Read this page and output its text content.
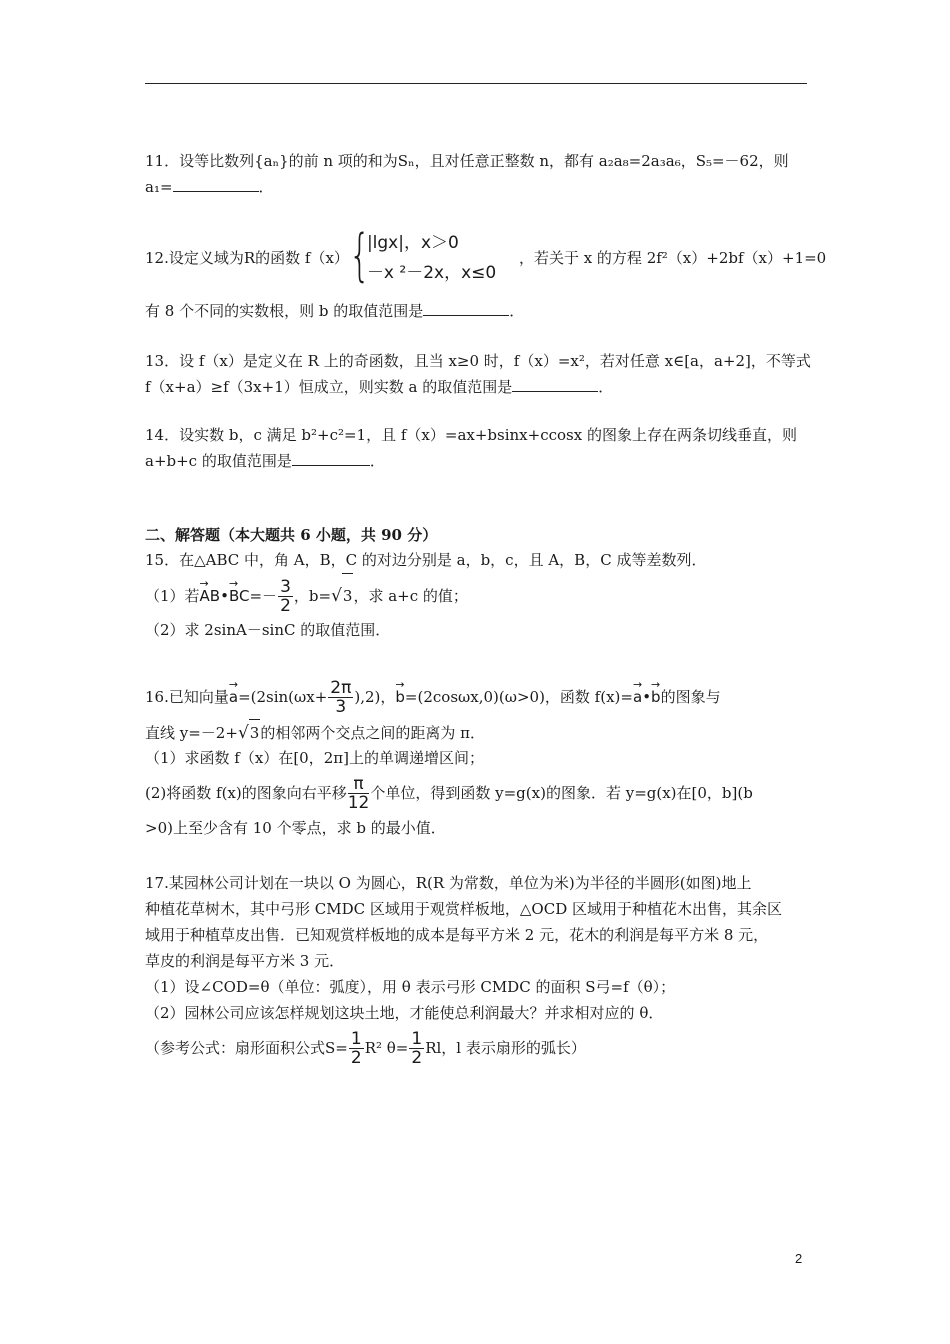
11．设等比数列{aₙ}的前 n 项的和为Sₙ，且对任意正整数 n，都有 a₂a₈=2a₃a₆，S₅=－62，则
a₁=	．
12.设定义域为R的函数 f（x） {
|lgx|，x＞0
－x ²－2x，x≤0
，若关于 x 的方程 2f²（x）+2bf（x）+1=0
有 8 个不同的实数根，则 b 的取值范围是	．
13．设 f（x）是定义在 R 上的奇函数，且当 x≥0 时，f（x）=x²，若对任意 x∈[a，a+2]，不等式
f（x+a）≥f（3x+1）恒成立，则实数 a 的取值范围是	．
14．设实数 b，c 满足 b²+c²=1，且 f（x）=ax+bsinx+ccosx 的图象上存在两条切线垂直，则
a+b+c 的取值范围是	．
二、解答题（本大题共 6 小题，共 90 分）
15．在△ABC 中，角 A，B，C 的对边分别是 a，b，c，且 A，B，C 成等差数列．
（1）若→ AB•→ $BC=- \frac{3}{2}$ ，b=√3，求 a+c 的值；
（2）求 2sinA－sinC 的取值范围．
16.已知向量→ $a=(2\sin(\omega x+ \frac{2\pi}{3} ),2)$，→ b=(2cosωx,0)(ω>0)，函数 f(x)=→ a•→ b的图象与
直线 y=－2+√3的相邻两个交点之间的距离为 π．
（1）求函数 f（x）在[0，2π]上的单调递增区间；
(2)将函数 f(x)的图象向右平移 $\frac{\pi}{12}$ 个单位，得到函数 y=g(x)的图象．若 y=g(x)在[0，b](b
>0)上至少含有 10 个零点，求 b 的最小值．
17.某园林公司计划在一块以 O 为圆心，R(R 为常数，单位为米)为半径的半圆形(如图)地上
种植花草树木，其中弓形 CMDC 区域用于观赏样板地，△OCD 区域用于种植花木出售，其余区
域用于种植草皮出售．已知观赏样板地的成本是每平方米 2 元，花木的利润是每平方米 8 元，
草皮的利润是每平方米 3 元．
（1）设∠COD=θ（单位：弧度），用 θ 表示弓形 CMDC 的面积 S弓=f（θ）；
（2）园林公司应该怎样规划这块土地，才能使总利润最大？并求相对应的 θ．
（参考公式：扇形面积公式$S= \frac{1}{2} R^2$ $\theta= \frac{1}{2}$ Rl，l 表示扇形的弧长）
2
